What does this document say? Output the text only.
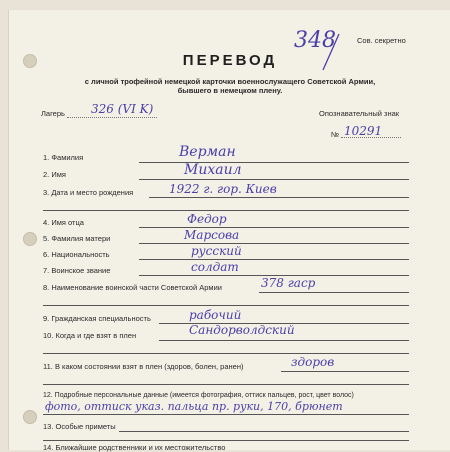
Сов. секретно
348
ПЕРЕВОД
с личной трофейной немецкой карточки военнослужащего Советской Армии,
бывшего в немецком плену.
Лагерь 326 (VI K)	Опознавательный знак
№ 10291
1. Фамилия	Верман
2. Имя	Михаил
3. Дата и место рождения	1922 г. гор. Киев
4. Имя отца	Федор
5. Фамилия матери	Марсова
6. Национальность	русский
7. Воинское звание	солдат
8. Наименование воинской части Советской Армии	378 гаср
9. Гражданская специальность	рабочий
10. Когда и где взят в плен	Сандорволдский
11. В каком состоянии взят в плен (здоров, болен, ранен)	здоров
12. Подробные персональные данные (имеется фотография, оттиск пальцев, рост, цвет волос)
фото, оттиск указ. пальца пр. руки, 170, брюнет
13. Особые приметы
14. Ближайшие родственники и их местожительство
